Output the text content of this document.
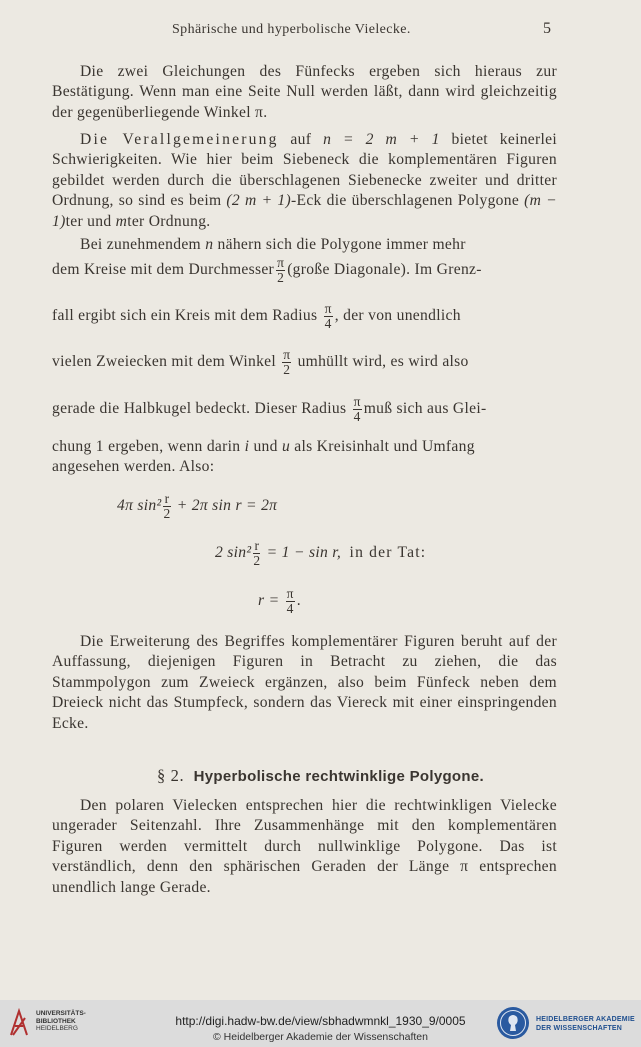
Sphärische und hyperbolische Vielecke.	5

Die zwei Gleichungen des Fünfecks ergeben sich hieraus zur Bestätigung. Wenn man eine Seite Null werden läßt, dann wird gleichzeitig der gegenüberliegende Winkel π.

Die Verallgemeinerung auf n = 2 m + 1 bietet keinerlei Schwierigkeiten. Wie hier beim Siebeneck die komplementären Figuren gebildet werden durch die überschlagenen Siebenecke zweiter und dritter Ordnung, so sind es beim (2 m + 1)-Eck die überschlagenen Polygone (m − 1)ter und mter Ordnung.

Bei zunehmendem n nähern sich die Polygone immer mehr

dem Kreise mit dem Durchmesser $\frac{\pi}{2}$ (große Diagonale). Im Grenz-

fall ergibt sich ein Kreis mit dem Radius $\frac{\pi}{4}$ , der von unendlich

vielen Zweiecken mit dem Winkel $\frac{\pi}{2}$ umhüllt wird, es wird also

gerade die Halbkugel bedeckt. Dieser Radius $\frac{\pi}{4}$ muß sich aus Glei-

chung 1 ergeben, wenn darin i und u als Kreisinhalt und Umfang
angesehen werden. Also:

4π $\sin^2 \frac{r}{2} + 2\pi$ sin r = 2π
2 $\sin^2 \frac{r}{2} = 1 - \sin r$, in der Tat:
$r = \frac{\pi}{4}$ .

Die Erweiterung des Begriffes komplementärer Figuren beruht auf der Auffassung, diejenigen Figuren in Betracht zu ziehen, die das Stammpolygon zum Zweieck ergänzen, also beim Fünfeck neben dem Dreieck nicht das Stumpfeck, sondern das Viereck mit einer einspringenden Ecke.

§ 2. Hyperbolische rechtwinklige Polygone.

Den polaren Vielecken entsprechen hier die rechtwinkligen Vielecke ungerader Seitenzahl. Ihre Zusammenhänge mit den komplementären Figuren werden vermittelt durch nullwinklige Polygone. Das ist verständlich, denn den sphärischen Geraden der Länge π entsprechen unendlich lange Gerade.

UNIVERSITÄTS-
BIBLIOTHEK
HEIDELBERG
http://digi.hadw-bw.de/view/sbhadwmnkl_1930_9/0005
© Heidelberger Akademie der Wissenschaften
HEIDELBERGER AKADEMIE
DER WISSENSCHAFTEN
